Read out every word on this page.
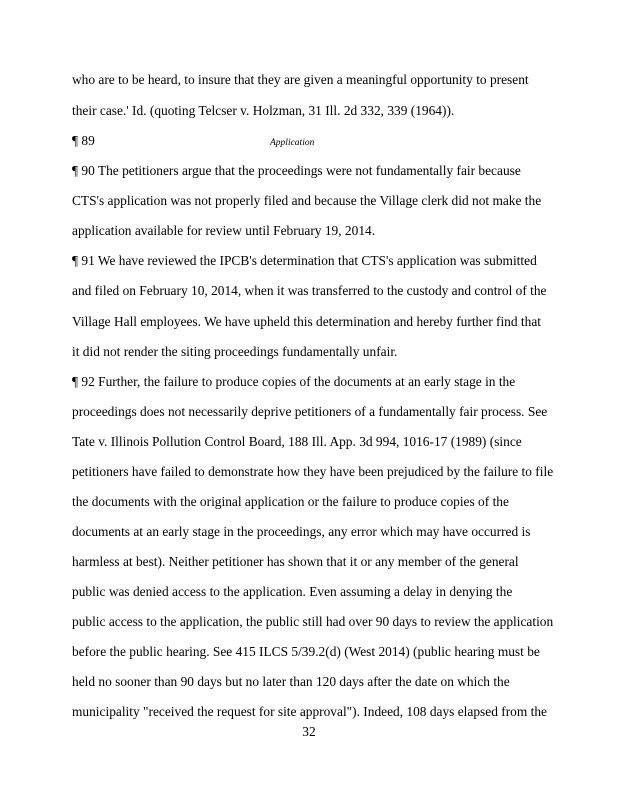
who are to be heard, to insure that they are given a meaningful opportunity to present
their case.' Id. (quoting Telcser v. Holzman, 31 Ill. 2d 332, 339 (1964)).
¶ 89	Application
¶ 90 The petitioners argue that the proceedings were not fundamentally fair because
CTS's application was not properly filed and because the Village clerk did not make the
application available for review until February 19, 2014.
¶ 91 We have reviewed the IPCB's determination that CTS's application was submitted
and filed on February 10, 2014, when it was transferred to the custody and control of the
Village Hall employees. We have upheld this determination and hereby further find that
it did not render the siting proceedings fundamentally unfair.
¶ 92 Further, the failure to produce copies of the documents at an early stage in the
proceedings does not necessarily deprive petitioners of a fundamentally fair process. See
Tate v. Illinois Pollution Control Board, 188 Ill. App. 3d 994, 1016-17 (1989) (since
petitioners have failed to demonstrate how they have been prejudiced by the failure to file
the documents with the original application or the failure to produce copies of the
documents at an early stage in the proceedings, any error which may have occurred is
harmless at best). Neither petitioner has shown that it or any member of the general
public was denied access to the application. Even assuming a delay in denying the
public access to the application, the public still had over 90 days to review the application
before the public hearing. See 415 ILCS 5/39.2(d) (West 2014) (public hearing must be
held no sooner than 90 days but no later than 120 days after the date on which the
municipality "received the request for site approval"). Indeed, 108 days elapsed from the
32
